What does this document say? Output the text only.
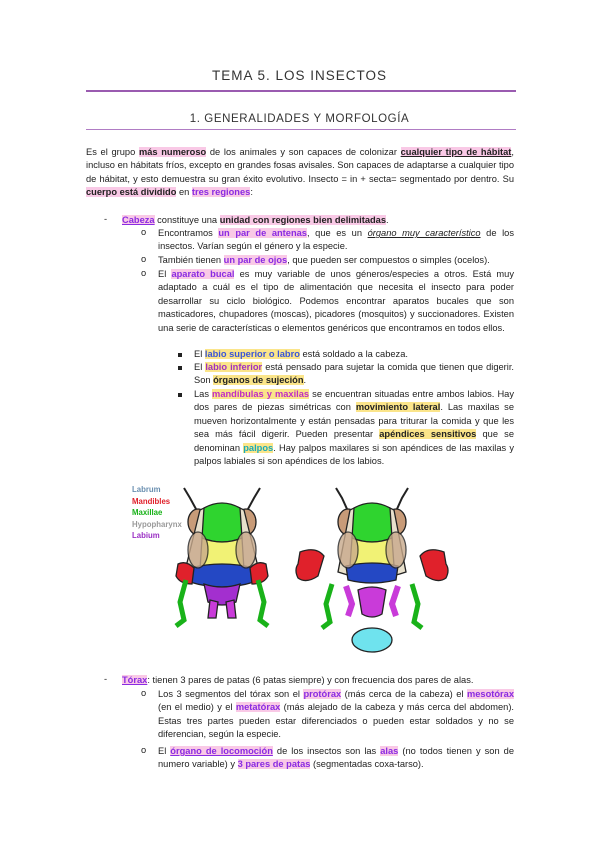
TEMA 5. LOS INSECTOS
1. GENERALIDADES Y MORFOLOGÍA
Es el grupo más numeroso de los animales y son capaces de colonizar cualquier tipo de hábitat, incluso en hábitats fríos, excepto en grandes fosas avisales. Son capaces de adaptarse a cualquier tipo de hábitat, y esto demuestra su gran éxito evolutivo. Insecto = in + secta= segmentado por dentro. Su cuerpo está dividido en tres regiones:
- Cabeza constituye una unidad con regiones bien delimitadas.
o Encontramos un par de antenas, que es un órgano muy característico de los insectos. Varían según el género y la especie.
o También tienen un par de ojos, que pueden ser compuestos o simples (ocelos).
o El aparato bucal es muy variable de unos géneros/especies a otros. Está muy adaptado a cuál es el tipo de alimentación que necesita el insecto para poder desarrollar su ciclo biológico. Podemos encontrar aparatos bucales que son masticadores, chupadores (moscas), picadores (mosquitos) y succionadores. Existen una serie de características o elementos genéricos que encontramos en todos ellos.
El labio superior o labro está soldado a la cabeza.
El labio inferior está pensado para sujetar la comida que tienen que digerir. Son órganos de sujeción.
Las mandíbulas y maxilas se encuentran situadas entre ambos labios. Hay dos pares de piezas simétricas con movimiento lateral. Las maxilas se mueven horizontalmente y están pensadas para triturar la comida y que les sea más fácil digerir. Pueden presentar apéndices sensitivos que se denominan palpos. Hay palpos maxilares si son apéndices de las maxilas y palpos labiales si son apéndices de los labios.
Labrum
Mandibles
Maxillae
Hypopharynx
Labium
- Tórax: tienen 3 pares de patas (6 patas siempre) y con frecuencia dos pares de alas.
o Los 3 segmentos del tórax son el protórax (más cerca de la cabeza) el mesotórax (en el medio) y el metatórax (más alejado de la cabeza y más cerca del abdomen). Estas tres partes pueden estar diferenciados o pueden estar soldados y no se diferencian, según la especie.
o El órgano de locomoción de los insectos son las alas (no todos tienen y son de numero variable) y 3 pares de patas (segmentadas coxa-tarso).
